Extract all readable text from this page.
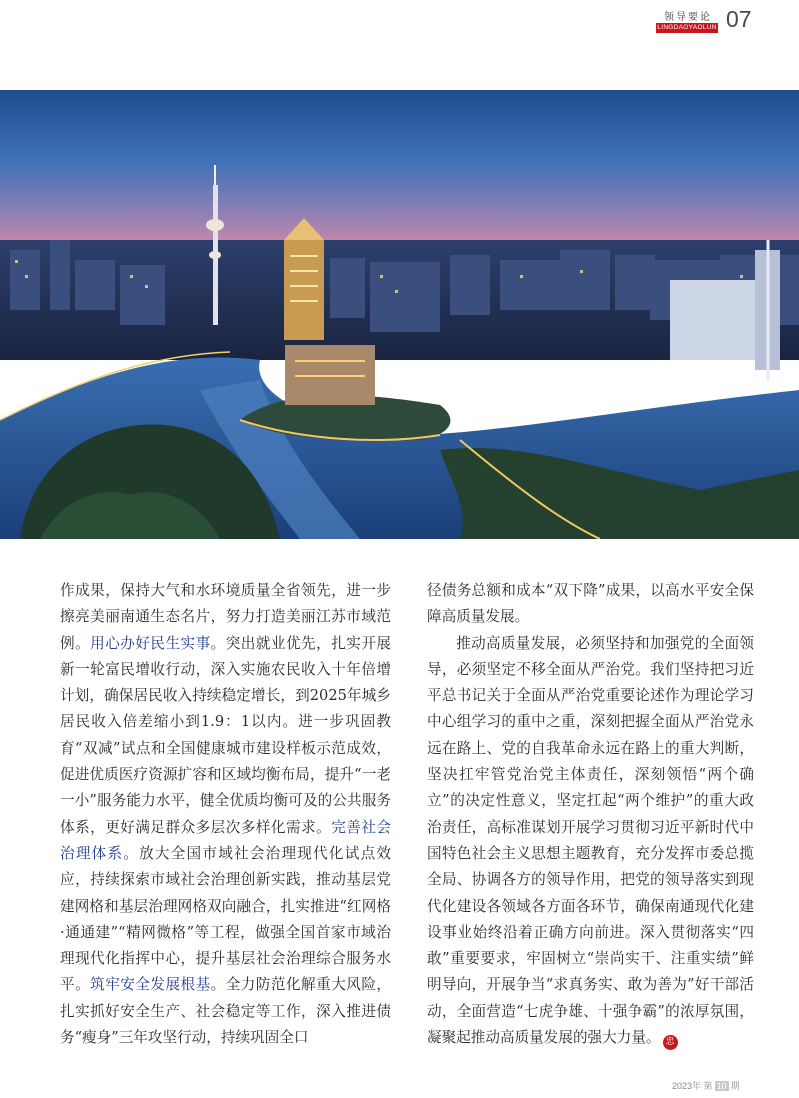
领导要论
LINGDAOYAOLUN 07

作成果，保持大气和水环境质量全省领先，进一步擦亮美丽南通生态名片，努力打造美丽江苏市域范例。用心办好民生实事。突出就业优先，扎实开展新一轮富民增收行动，深入实施农民收入十年倍增计划，确保居民收入持续稳定增长，到2025年城乡居民收入倍差缩小到1.9：1以内。进一步巩固教育“双减”试点和全国健康城市建设样板示范成效，促进优质医疗资源扩容和区域均衡布局，提升“一老一小”服务能力水平，健全优质均衡可及的公共服务体系，更好满足群众多层次多样化需求。完善社会治理体系。放大全国市域社会治理现代化试点效应，持续探索市域社会治理创新实践，推动基层党建网格和基层治理网格双向融合，扎实推进“红网格·通通建”“精网微格”等工程，做强全国首家市域治理现代化指挥中心，提升基层社会治理综合服务水平。筑牢安全发展根基。全力防范化解重大风险，扎实抓好安全生产、社会稳定等工作，深入推进债务“瘦身”三年攻坚行动，持续巩固全口

径债务总额和成本“双下降”成果，以高水平安全保障高质量发展。

推动高质量发展，必须坚持和加强党的全面领导，必须坚定不移全面从严治党。我们坚持把习近平总书记关于全面从严治党重要论述作为理论学习中心组学习的重中之重，深刻把握全面从严治党永远在路上、党的自我革命永远在路上的重大判断，坚决扛牢管党治党主体责任，深刻领悟“两个确立”的决定性意义，坚定扛起“两个维护”的重大政治责任，高标准谋划开展学习贯彻习近平新时代中国特色社会主义思想主题教育，充分发挥市委总揽全局、协调各方的领导作用，把党的领导落实到现代化建设各领域各方面各环节，确保南通现代化建设事业始终沿着正确方向前进。深入贯彻落实“四敢”重要要求，牢固树立“崇尚实干、注重实绩”鲜明导向，开展争当“求真务实、敢为善为”好干部活动，全面营造“七虎争雄、十强争霸”的浓厚氛围，凝聚起推动高质量发展的强大力量。 忠

2023年 第 10 期
